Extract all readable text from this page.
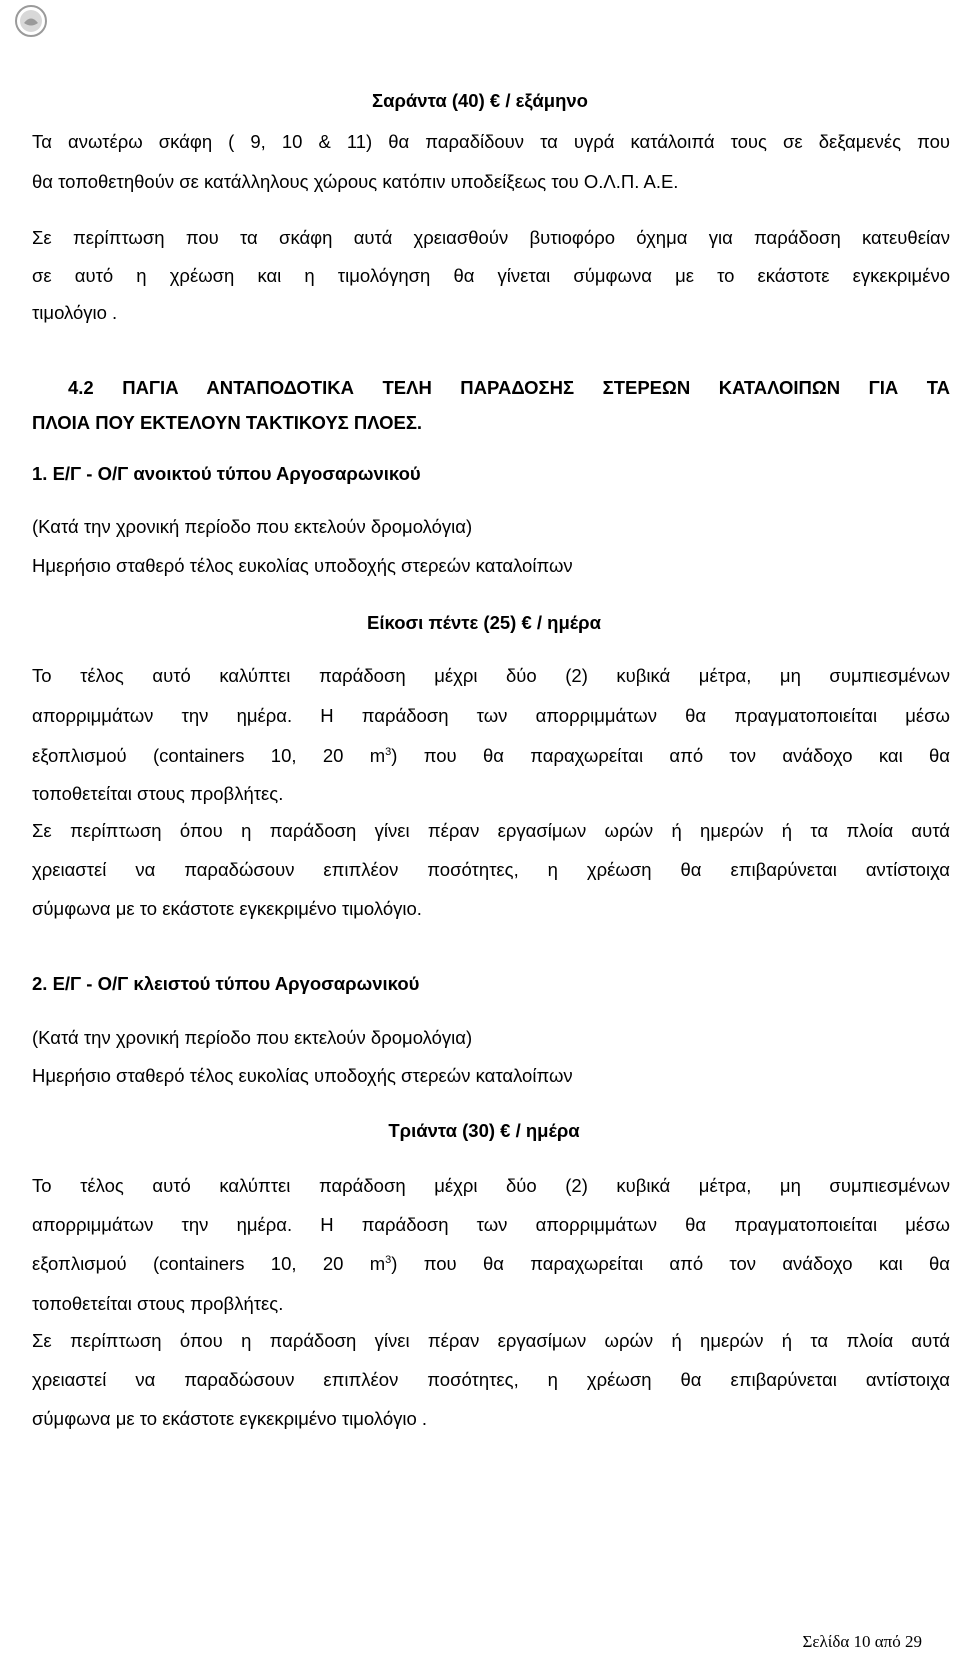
Σαράντα (40) € / εξάμηνο
Τα ανωτέρω σκάφη ( 9, 10 & 11) θα παραδίδουν τα υγρά κατάλοιπά τους σε δεξαμενές που
θα τοποθετηθούν σε κατάλληλους χώρους κατόπιν υποδείξεως του Ο.Λ.Π. Α.Ε.
Σε περίπτωση που τα σκάφη αυτά χρειασθούν βυτιοφόρο όχημα για παράδοση κατευθείαν
σε αυτό η χρέωση και η τιμολόγηση θα γίνεται σύμφωνα με το εκάστοτε εγκεκριμένο
τιμολόγιο .
4.2 ΠΑΓΙΑ ΑΝΤΑΠΟΔΟΤΙΚΑ ΤΕΛΗ ΠΑΡΑΔΟΣΗΣ ΣΤΕΡΕΩΝ ΚΑΤΑΛΟΙΠΩΝ ΓΙΑ ΤΑ
ΠΛΟΙΑ ΠΟΥ ΕΚΤΕΛΟΥΝ ΤΑΚΤΙΚΟΥΣ ΠΛΟΕΣ.
1. Ε/Γ - Ο/Γ ανοικτού τύπου Αργοσαρωνικού
(Κατά την χρονική περίοδο που εκτελούν δρομολόγια)
Ημερήσιο σταθερό τέλος ευκολίας υποδοχής στερεών καταλοίπων
Είκοσι πέντε (25) € / ημέρα
Το τέλος αυτό καλύπτει παράδοση μέχρι δύο (2) κυβικά μέτρα, μη συμπιεσμένων
απορριμμάτων την ημέρα. Η παράδοση των απορριμμάτων θα πραγματοποιείται μέσω
εξοπλισμού (containers 10, 20 $m^3$) που θα παραχωρείται από τον ανάδοχο και θα
τοποθετείται στους προβλήτες.
Σε περίπτωση όπου η παράδοση γίνει πέραν εργασίμων ωρών ή ημερών ή τα πλοία αυτά
χρειαστεί να παραδώσουν επιπλέον ποσότητες, η χρέωση θα επιβαρύνεται αντίστοιχα
σύμφωνα με το εκάστοτε εγκεκριμένο τιμολόγιο.
2. Ε/Γ - Ο/Γ κλειστού τύπου Αργοσαρωνικού
(Κατά την χρονική περίοδο που εκτελούν δρομολόγια)
Ημερήσιο σταθερό τέλος ευκολίας υποδοχής στερεών καταλοίπων
Τριάντα (30) € / ημέρα
Το τέλος αυτό καλύπτει παράδοση μέχρι δύο (2) κυβικά μέτρα, μη συμπιεσμένων
απορριμμάτων την ημέρα. Η παράδοση των απορριμμάτων θα πραγματοποιείται μέσω
εξοπλισμού (containers 10, 20 $m^3$) που θα παραχωρείται από τον ανάδοχο και θα
τοποθετείται στους προβλήτες.
Σε περίπτωση όπου η παράδοση γίνει πέραν εργασίμων ωρών ή ημερών ή τα πλοία αυτά
χρειαστεί να παραδώσουν επιπλέον ποσότητες, η χρέωση θα επιβαρύνεται αντίστοιχα
σύμφωνα με το εκάστοτε εγκεκριμένο τιμολόγιο .
Σελίδα 10 από 29
